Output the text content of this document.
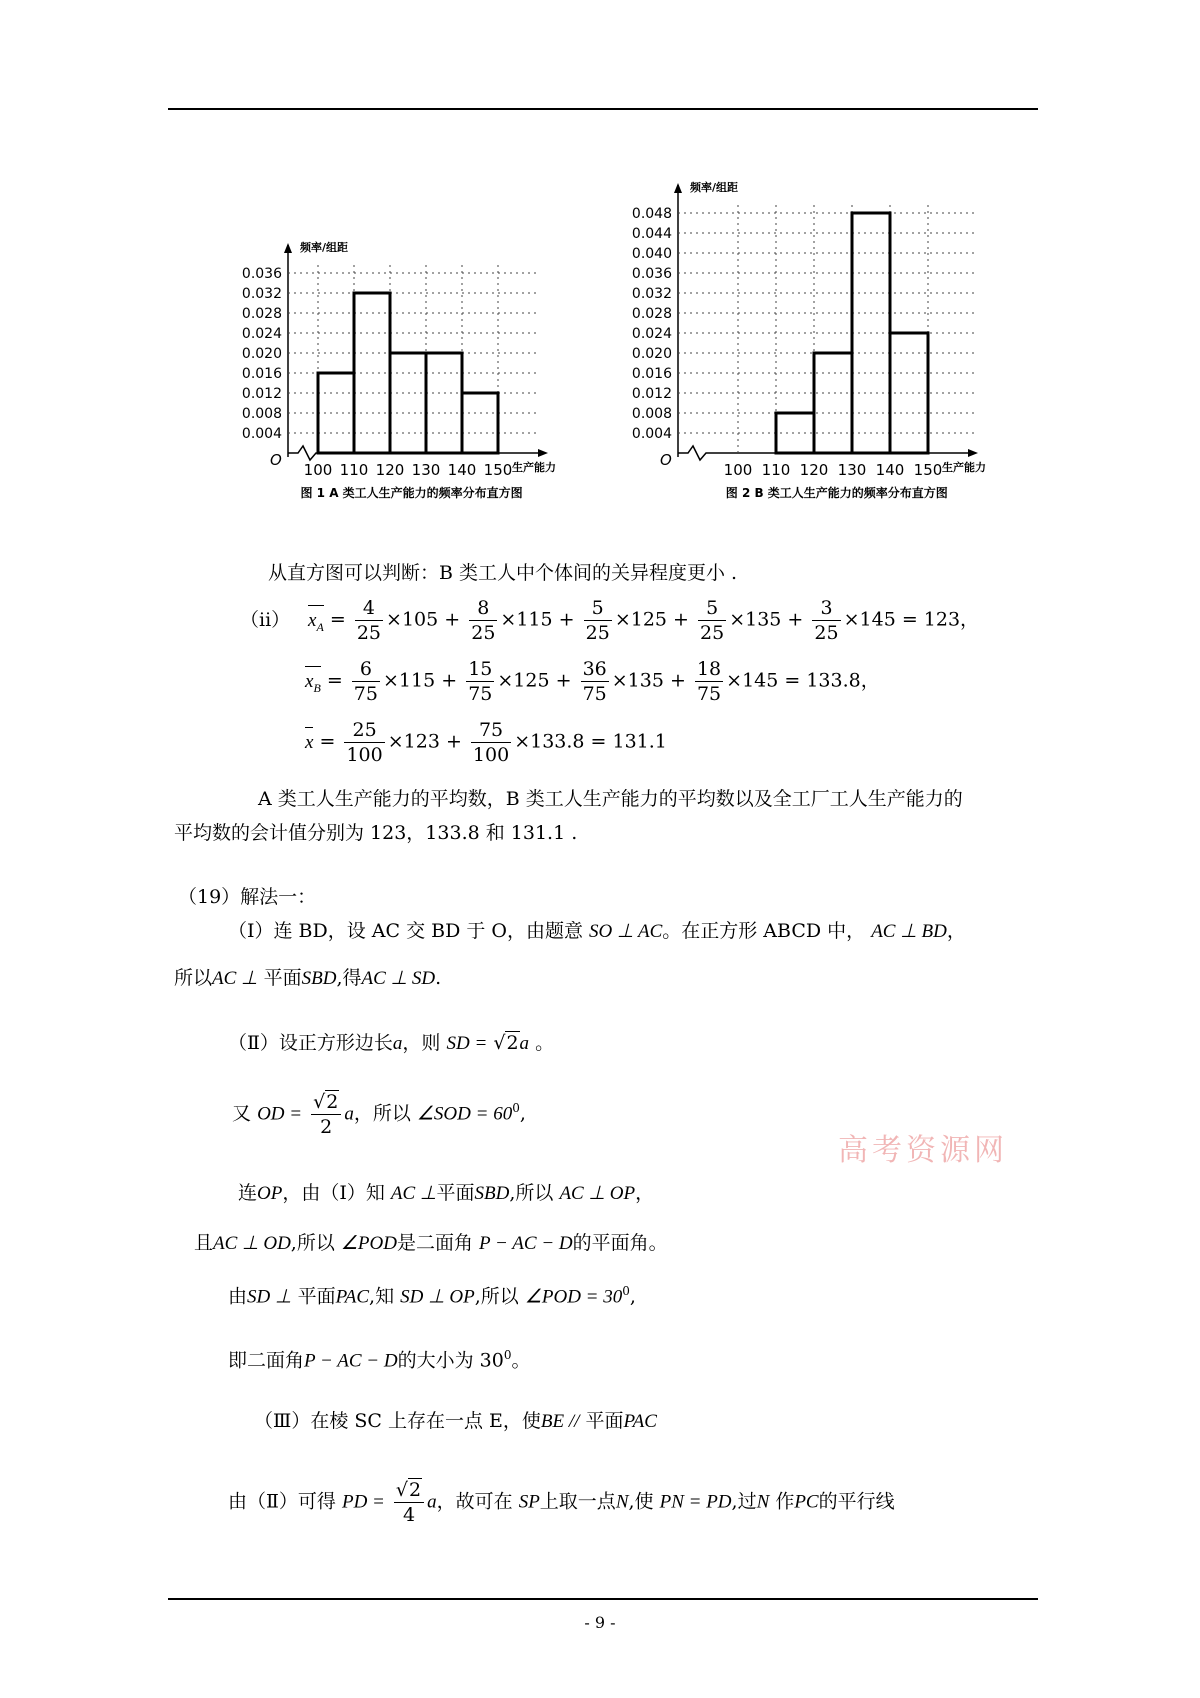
频率/组距
0.004
0.008
0.012
0.016
0.020
0.024
0.028
0.032
0.036
O
100 110 120 130 140 150 生产能力
图 1 A 类工人生产能力的频率分布直方图
频率/组距
0.004
0.008
0.012
0.016
0.020
0.024
0.028
0.032
0.036
0.040
0.044
0.048
O
100 110 120 130 140 150 生产能力
图 2 B 类工人生产能力的频率分布直方图
从直方图可以判断：B 类工人中个体间的关异程度更小 .
（ii） $x_A = \frac{4}{25} \times 105 + \frac{8}{25} \times 115 + \frac{5}{25} \times 125 + \frac{5}{25} \times 135 + \frac{3}{25} \times 145 = 123$，
$x_B = \frac{6}{75} \times 115 + \frac{15}{75} \times 125 + \frac{36}{75} \times 135 + \frac{18}{75} \times 145 = 133.8$，
$x = \frac{25}{100} \times 123 + \frac{75}{100} \times 133.8 = 131.1$
A 类工人生产能力的平均数，B 类工人生产能力的平均数以及全工厂工人生产能力的
平均数的会计值分别为 123，133.8 和 131.1 .
（19）解法一：
（Ⅰ）连 BD，设 AC 交 BD 于 O，由题意 SO ⊥ AC。在正方形 ABCD 中， AC ⊥ BD，
所以AC ⊥ 平面SBD,得AC ⊥ SD.
（Ⅱ）设正方形边长a，则 SD = √2a 。
又 OD = $\frac{√2}{2}$ a，所以 ∠SOD = $60^0$,
高考资源网
连OP，由（Ⅰ）知 AC ⊥平面SBD,所以 AC ⊥ OP，
且AC ⊥ OD,所以 ∠POD是二面角 P − AC − D的平面角。
由SD ⊥ 平面PAC,知 SD ⊥ OP,所以 ∠POD = $30^0$,
即二面角P − AC − D的大小为 $30^0$。
（Ⅲ）在棱 SC 上存在一点 E，使BE // 平面PAC
由（Ⅱ）可得 PD = $\frac{√2}{4}$ a，故可在 SP上取一点N,使 PN = PD,过N 作PC的平行线
- 9 -
